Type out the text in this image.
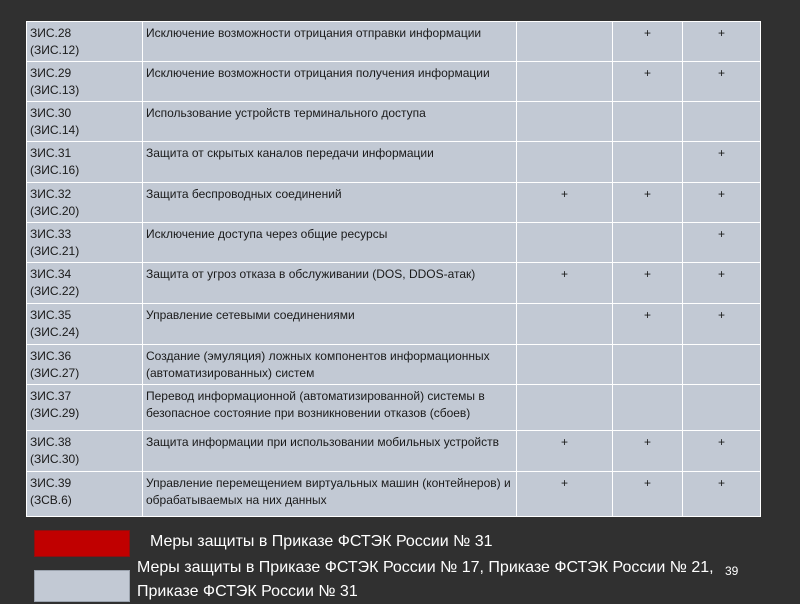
ЗИС.28
(ЗИС.12)	Исключение возможности отрицания отправки информации		+	+

ЗИС.29
(ЗИС.13)	Исключение возможности отрицания получения информации		+	+

ЗИС.30
(ЗИС.14)	Использование устройств терминального доступа			

ЗИС.31
(ЗИС.16)	Защита от скрытых каналов передачи информации			+

ЗИС.32
(ЗИС.20)	Защита беспроводных соединений	+	+	+

ЗИС.33
(ЗИС.21)	Исключение доступа через общие ресурсы			+

ЗИС.34
(ЗИС.22)	Защита от угроз отказа в обслуживании (DOS, DDOS-атак)	+	+	+

ЗИС.35
(ЗИС.24)	Управление сетевыми соединениями		+	+

ЗИС.36
(ЗИС.27)	Создание (эмуляция) ложных компонентов информационных (автоматизированных) систем			

ЗИС.37
(ЗИС.29)	Перевод информационной (автоматизированной) системы в безопасное состояние при возникновении отказов (сбоев)			

ЗИС.38
(ЗИС.30)	Защита информации при использовании мобильных устройств	+	+	+

ЗИС.39
(ЗСВ.6)	Управление перемещением виртуальных машин (контейнеров) и обрабатываемых на них данных	+	+	+
Меры защиты в Приказе ФСТЭК России № 31
Меры защиты в Приказе ФСТЭК России № 17, Приказе ФСТЭК России № 21, Приказе ФСТЭК России № 31
39
